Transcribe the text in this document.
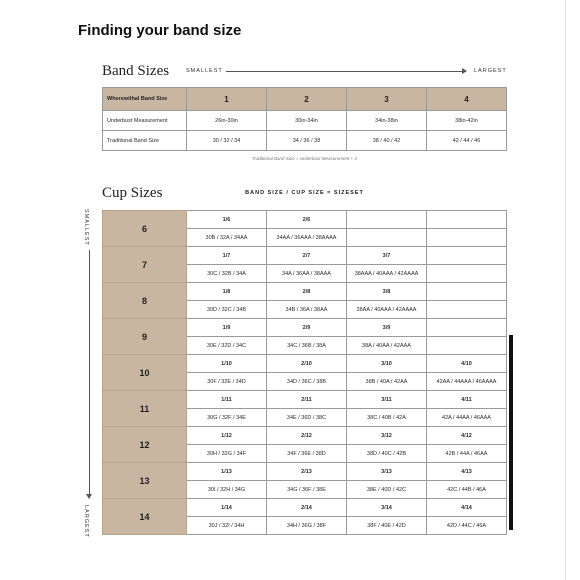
Finding your band size
Band Sizes	SMALLEST	LARGEST
Wherewithal Band Size	1	2	3	4
Underbust Measurement	26in-30in	30in-34in	34in-38in	38in-42in
Traditional Band Size	30 / 32 / 34	34 / 36 / 38	38 / 40 / 42	42 / 44 / 46
Traditional Band Size = Underbust Measurement + 4
Cup Sizes	BAND SIZE / CUP SIZE = SIZESET
SMALLEST
LARGEST
6	1/6	2/6		
	30B / 32A / 34AA	34AA / 36AAA / 38AAAA		
7	1/7	2/7	3/7	
	30C / 32B / 34A	34A / 36AA / 38AAA	38AAA / 40AAA / 42AAAA	
8	1/8	2/8	3/8	
	30D / 32C / 34B	34B / 36A / 38AA	38AA / 40AAA / 42AAAA	
9	1/9	2/9	3/9	
	30E / 32D / 34C	34C / 36B / 38A	38A / 40AA / 42AAA	
10	1/10	2/10	3/10	4/10
	30F / 32E / 34D	34D / 36C / 38B	38B / 40A / 42AA	42AA / 44AAA / 46AAAA
11	1/11	2/11	3/11	4/11
	30G / 32F / 34E	34E / 36D / 38C	38C / 40B / 42A	42A / 44AA / 46AAA
12	1/12	2/12	3/12	4/12
	30H / 32G / 34F	34F / 36E / 38D	38D / 40C / 42B	42B / 44A / 46AA
13	1/13	2/13	3/13	4/13
	30I / 32H / 34G	34G / 36F / 38E	38E / 40D / 42C	42C / 44B / 46A
14	1/14	2/14	3/14	4/14
	30J / 32I / 34H	34H / 36G / 38F	38F / 40E / 42D	42D / 44C / 46A
